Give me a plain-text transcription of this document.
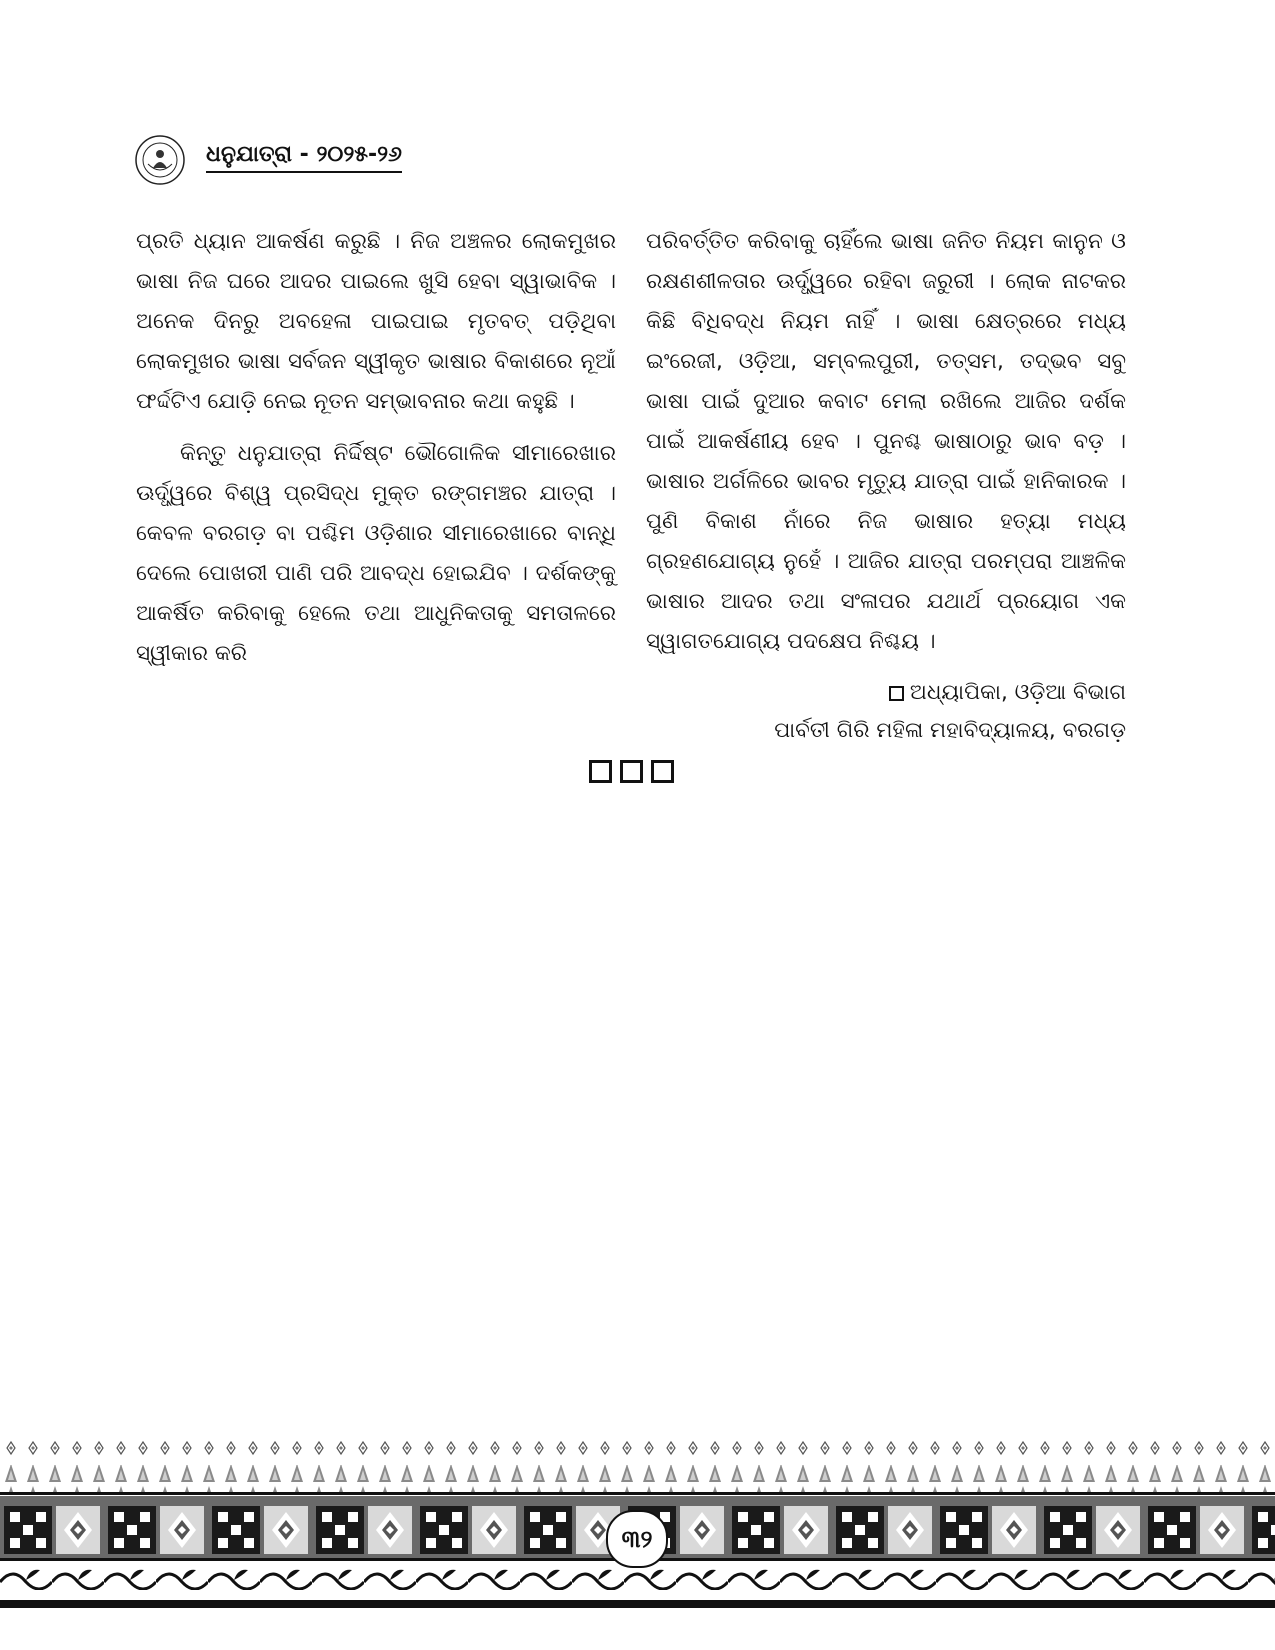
ଧନୁଯାତ୍ରା - ୨୦୨୫-୨୬

ପ୍ରତି ଧ୍ୟାନ ଆକର୍ଷଣ କରୁଛି । ନିଜ ଅଞ୍ଚଳର ଲୋକମୁଖର ଭାଷା ନିଜ ଘରେ ଆଦର ପାଇଲେ ଖୁସି ହେବା ସ୍ୱାଭାବିକ । ଅନେକ ଦିନରୁ ଅବହେଳା ପାଇପାଇ ମୃତବତ୍ ପଡ଼ିଥିବା ଲୋକମୁଖର ଭାଷା ସର୍ବଜନ ସ୍ୱୀକୃତ ଭାଷାର ବିକାଶରେ ନୂଆଁ ଫର୍ଦ୍ଦଟିଏ ଯୋଡ଼ି ନେଇ ନୂତନ ସମ୍ଭାବନାର କଥା କହୁଛି ।

କିନ୍ତୁ ଧନୁଯାତ୍ରା ନିର୍ଦ୍ଦିଷ୍ଟ ଭୌଗୋଳିକ ସୀମାରେଖାର ଊର୍ଦ୍ଧ୍ୱରେ ବିଶ୍ୱ ପ୍ରସିଦ୍ଧ ମୁକ୍ତ ରଙ୍ଗମଞ୍ଚର ଯାତ୍ରା । କେବଳ ବରଗଡ଼ ବା ପଶ୍ଚିମ ଓଡ଼ିଶାର ସୀମାରେଖାରେ ବାନ୍ଧି ଦେଲେ ପୋଖରୀ ପାଣି ପରି ଆବଦ୍ଧ ହୋଇଯିବ । ଦର୍ଶକଙ୍କୁ ଆକର୍ଷିତ କରିବାକୁ ହେଲେ ତଥା ଆଧୁନିକତାକୁ ସମତାଳରେ ସ୍ୱୀକାର କରି

ପରିବର୍ତ୍ତିତ କରିବାକୁ ଚାହିଁଲେ ଭାଷା ଜନିତ ନିୟମ କାନୁନ ଓ ରକ୍ଷଣଶୀଳତାର ଊର୍ଦ୍ଧ୍ୱରେ ରହିବା ଜରୁରୀ । ଲୋକ ନାଟକର କିଛି ବିଧିବଦ୍ଧ ନିୟମ ନାହିଁ । ଭାଷା କ୍ଷେତ୍ରରେ ମଧ୍ୟ ଇଂରେଜୀ, ଓଡ଼ିଆ, ସମ୍ବଲପୁରୀ, ତତ୍ସମ, ତଦ୍ଭବ ସବୁ ଭାଷା ପାଇଁ ଦୁଆର କବାଟ ମେଲା ରଖିଲେ ଆଜିର ଦର୍ଶକ ପାଇଁ ଆକର୍ଷଣୀୟ ହେବ । ପୁନଶ୍ଚ ଭାଷାଠାରୁ ଭାବ ବଡ଼ । ଭାଷାର ଅର୍ଗଳିରେ ଭାବର ମୃତ୍ୟୁ ଯାତ୍ରା ପାଇଁ ହାନିକାରକ । ପୁଣି ବିକାଶ ନାଁରେ ନିଜ ଭାଷାର ହତ୍ୟା ମଧ୍ୟ ଗ୍ରହଣଯୋଗ୍ୟ ନୁହେଁ । ଆଜିର ଯାତ୍ରା ପରମ୍ପରା ଆଞ୍ଚଳିକ ଭାଷାର ଆଦର ତଥା ସଂଳାପର ଯଥାର୍ଥ ପ୍ରୟୋଗ ଏକ ସ୍ୱାଗତଯୋଗ୍ୟ ପଦକ୍ଷେପ ନିଶ୍ଚୟ ।

ଅଧ୍ୟାପିକା, ଓଡ଼ିଆ ବିଭାଗ
ପାର୍ବତୀ ଗିରି ମହିଳା ମହାବିଦ୍ୟାଳୟ, ବରଗଡ଼
୩୨
